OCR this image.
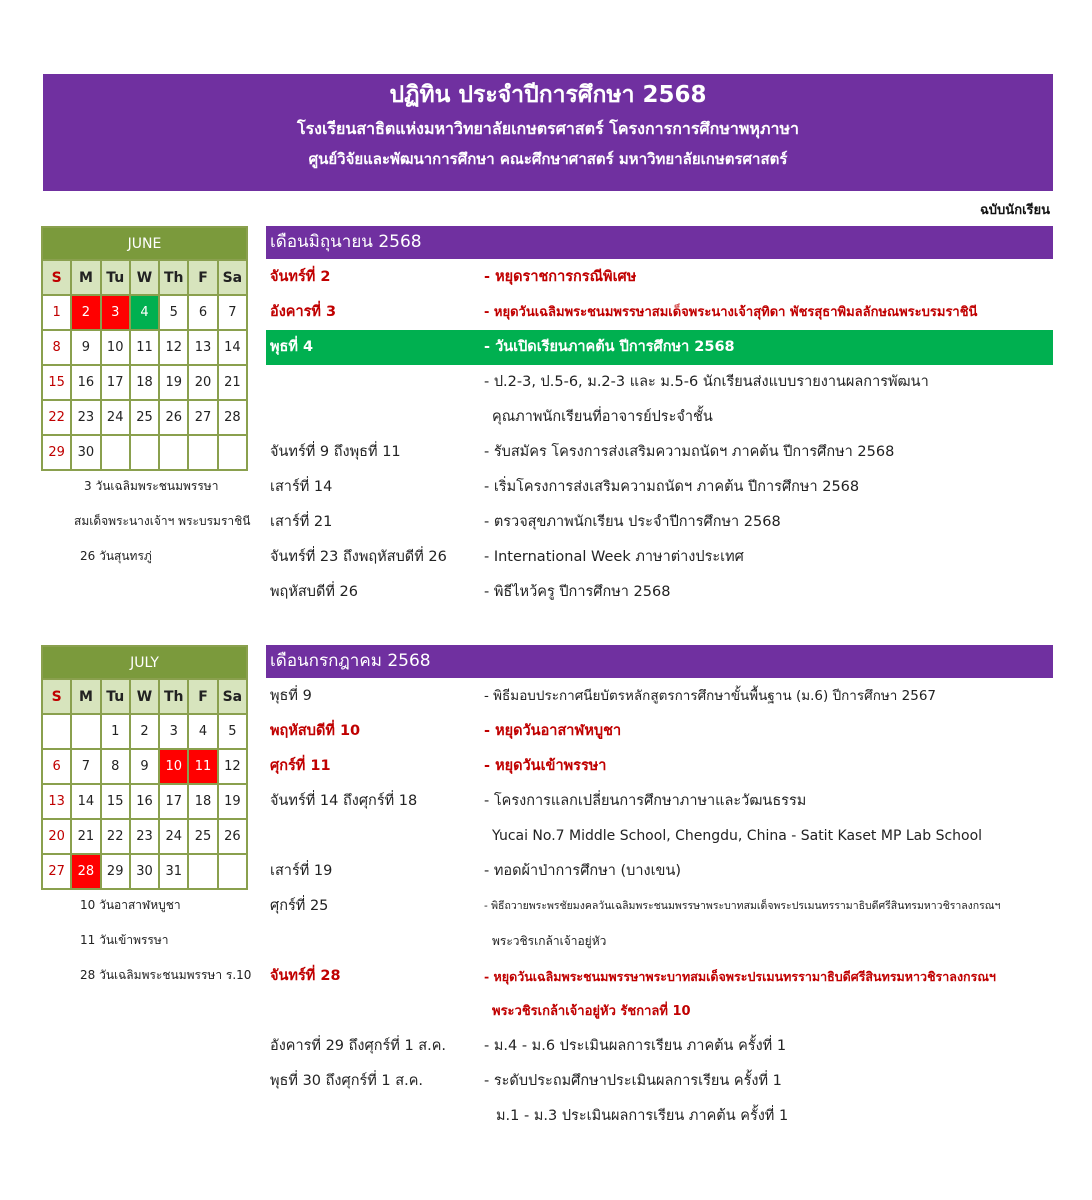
ปฏิทิน ประจำปีการศึกษา 2568
โรงเรียนสาธิตแห่งมหาวิทยาลัยเกษตรศาสตร์ โครงการการศึกษาพหุภาษา
ศูนย์วิจัยและพัฒนาการศึกษา คณะศึกษาศาสตร์ มหาวิทยาลัยเกษตรศาสตร์
ฉบับนักเรียน
JUNE						
S	M	Tu	W	Th	F	Sa
1	2	3	4	5	6	7
8	9	10	11	12	13	14
15	16	17	18	19	20	21
22	23	24	25	26	27	28
29	30					
3 วันเฉลิมพระชนมพรรษา
สมเด็จพระนางเจ้าฯ พระบรมราชินี
26 วันสุนทรภู่
เดือนมิถุนายน 2568
จันทร์ที่ 2	- หยุดราชการกรณีพิเศษ
อังคารที่ 3	- หยุดวันเฉลิมพระชนมพรรษาสมเด็จพระนางเจ้าสุทิดา พัชรสุธาพิมลลักษณพระบรมราชินี
พุธที่ 4	- วันเปิดเรียนภาคต้น ปีการศึกษา 2568
- ป.2-3, ป.5-6, ม.2-3 และ ม.5-6 นักเรียนส่งแบบรายงานผลการพัฒนา
คุณภาพนักเรียนที่อาจารย์ประจำชั้น
จันทร์ที่ 9 ถึงพุธที่ 11	- รับสมัคร โครงการส่งเสริมความถนัดฯ ภาคต้น ปีการศึกษา 2568
เสาร์ที่ 14	- เริ่มโครงการส่งเสริมความถนัดฯ ภาคต้น ปีการศึกษา 2568
เสาร์ที่ 21	- ตรวจสุขภาพนักเรียน ประจำปีการศึกษา 2568
จันทร์ที่ 23 ถึงพฤหัสบดีที่ 26	- International Week ภาษาต่างประเทศ
พฤหัสบดีที่ 26	- พิธีไหว้ครู ปีการศึกษา 2568
JULY						
S	M	Tu	W	Th	F	Sa
		1	2	3	4	5
6	7	8	9	10	11	12
13	14	15	16	17	18	19
20	21	22	23	24	25	26
27	28	29	30	31		
10 วันอาสาฬหบูชา
11 วันเข้าพรรษา
28 วันเฉลิมพระชนมพรรษา ร.10
เดือนกรกฎาคม 2568
พุธที่ 9	- พิธีมอบประกาศนียบัตรหลักสูตรการศึกษาขั้นพื้นฐาน (ม.6) ปีการศึกษา 2567
พฤหัสบดีที่ 10	- หยุดวันอาสาฬหบูชา
ศุกร์ที่ 11	- หยุดวันเข้าพรรษา
จันทร์ที่ 14 ถึงศุกร์ที่ 18	- โครงการแลกเปลี่ยนการศึกษาภาษาและวัฒนธรรม
Yucai No.7 Middle School, Chengdu, China - Satit Kaset MP Lab School
เสาร์ที่ 19	- ทอดผ้าป่าการศึกษา (บางเขน)
ศุกร์ที่ 25	- พิธีถวายพระพรชัยมงคลวันเฉลิมพระชนมพรรษาพระบาทสมเด็จพระปรเมนทรรามาธิบดีศรีสินทรมหาวชิราลงกรณฯ
พระวชิรเกล้าเจ้าอยู่หัว
จันทร์ที่ 28	- หยุดวันเฉลิมพระชนมพรรษาพระบาทสมเด็จพระปรเมนทรรามาธิบดีศรีสินทรมหาวชิราลงกรณฯ
พระวชิรเกล้าเจ้าอยู่หัว รัชกาลที่ 10
อังคารที่ 29 ถึงศุกร์ที่ 1 ส.ค.	- ม.4 - ม.6 ประเมินผลการเรียน ภาคต้น ครั้งที่ 1
พุธที่ 30 ถึงศุกร์ที่ 1 ส.ค.	- ระดับประถมศึกษาประเมินผลการเรียน ครั้งที่ 1
ม.1 - ม.3 ประเมินผลการเรียน ภาคต้น ครั้งที่ 1
